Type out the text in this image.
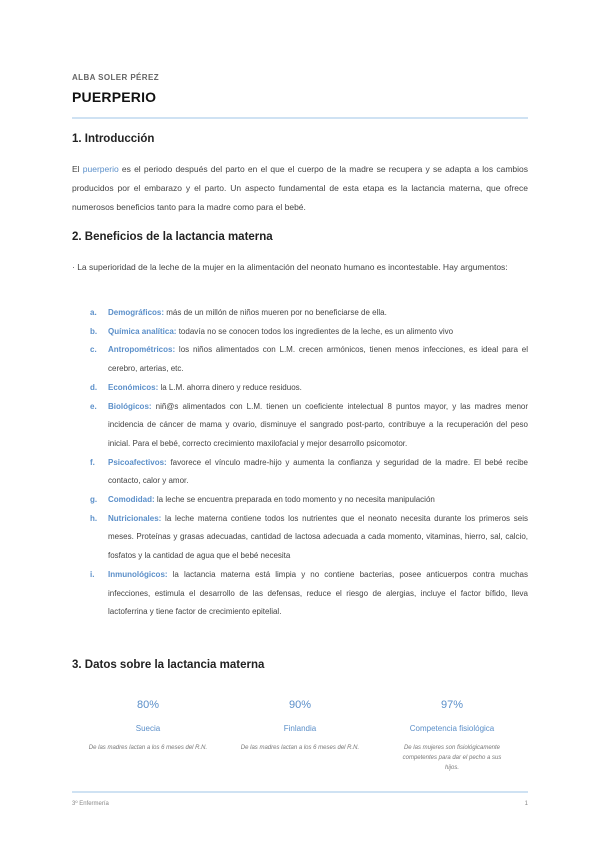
ALBA SOLER PÉREZ
PUERPERIO
1. Introducción

El puerperio es el periodo después del parto en el que el cuerpo de la madre se recupera y se adapta a los cambios producidos por el embarazo y el parto. Un aspecto fundamental de esta etapa es la lactancia materna, que ofrece numerosos beneficios tanto para la madre como para el bebé.

2. Beneficios de la lactancia materna

· La superioridad de la leche de la mujer en la alimentación del neonato humano es incontestable. Hay argumentos:

a. Demográficos: más de un millón de niños mueren por no beneficiarse de ella.
b. Química analítica: todavía no se conocen todos los ingredientes de la leche, es un alimento vivo
c. Antropométricos: los niños alimentados con L.M. crecen armónicos, tienen menos infecciones, es ideal para el cerebro, arterias, etc.
d. Económicos: la L.M. ahorra dinero y reduce residuos.
e. Biológicos: niñ@s alimentados con L.M. tienen un coeficiente intelectual 8 puntos mayor, y las madres menor incidencia de cáncer de mama y ovario, disminuye el sangrado post-parto, contribuye a la recuperación del peso inicial. Para el bebé, correcto crecimiento maxilofacial y mejor desarrollo psicomotor.
f. Psicoafectivos: favorece el vínculo madre-hijo y aumenta la confianza y seguridad de la madre. El bebé recibe contacto, calor y amor.
g. Comodidad: la leche se encuentra preparada en todo momento y no necesita manipulación
h. Nutricionales: la leche materna contiene todos los nutrientes que el neonato necesita durante los primeros seis meses. Proteínas y grasas adecuadas, cantidad de lactosa adecuada a cada momento, vitaminas, hierro, sal, calcio, fosfatos y la cantidad de agua que el bebé necesita
i. Inmunológicos: la lactancia materna está limpia y no contiene bacterias, posee anticuerpos contra muchas infecciones, estimula el desarrollo de las defensas, reduce el riesgo de alergias, incluye el factor bífido, lleva lactoferrina y tiene factor de crecimiento epitelial.
3. Datos sobre la lactancia materna
80%
Suecia
De las madres lactan a los 6 meses del R.N.
90%
Finlandia
De las madres lactan a los 6 meses del R.N.
97%
Competencia fisiológica
De las mujeres son fisiológicamente competentes para dar el pecho a sus hijos.
3º Enfermería	1
